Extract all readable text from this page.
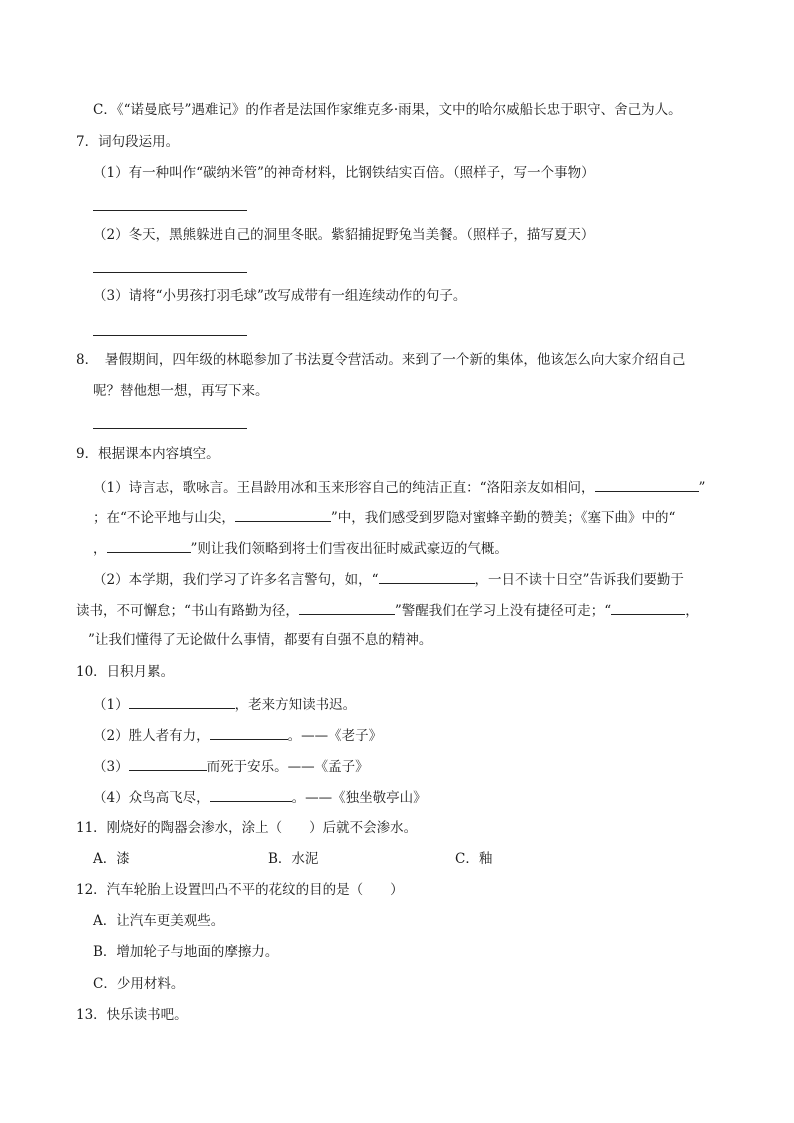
C．《“诺曼底号”遇难记》的作者是法国作家维克多·雨果，文中的哈尔威船长忠于职守、舍己为人。
7．词句段运用。
（1）有一种叫作“碳纳米管”的神奇材料，比钢铁结实百倍。（照样子，写一个事物）
（2）冬天，黑熊躲进自己的洞里冬眠。紫貂捕捉野兔当美餐。（照样子，描写夏天）
（3）请将“小男孩打羽毛球”改写成带有一组连续动作的句子。
8．　暑假期间，四年级的林聪参加了书法夏令营活动。来到了一个新的集体，他该怎么向大家介绍自己
呢？替他想一想，再写下来。
9．根据课本内容填空。
（1）诗言志，歌咏言。王昌龄用冰和玉来形容自己的纯洁正直：“洛阳亲友如相问，	”
；在“不论平地与山尖，	”中，我们感受到罗隐对蜜蜂辛勤的赞美；《塞下曲》中的“
，	”则让我们领略到将士们雪夜出征时威武豪迈的气概。
（2）本学期，我们学习了许多名言警句，如，“	，一日不读十日空”告诉我们要勤于
读书，不可懈怠；“书山有路勤为径，	”警醒我们在学习上没有捷径可走；“	，
”让我们懂得了无论做什么事情，都要有自强不息的精神。
10．日积月累。
（1）	，老来方知读书迟。
（2）胜人者有力，	。——《老子》
（3）	而死于安乐。——《孟子》
（4）众鸟高飞尽，	。——《独坐敬亭山》
11．刚烧好的陶器会渗水，涂上（　　）后就不会渗水。
A．漆	B．水泥	C．釉
12．汽车轮胎上设置凹凸不平的花纹的目的是（　　）
A．让汽车更美观些。
B．增加轮子与地面的摩擦力。
C．少用材料。
13．快乐读书吧。
